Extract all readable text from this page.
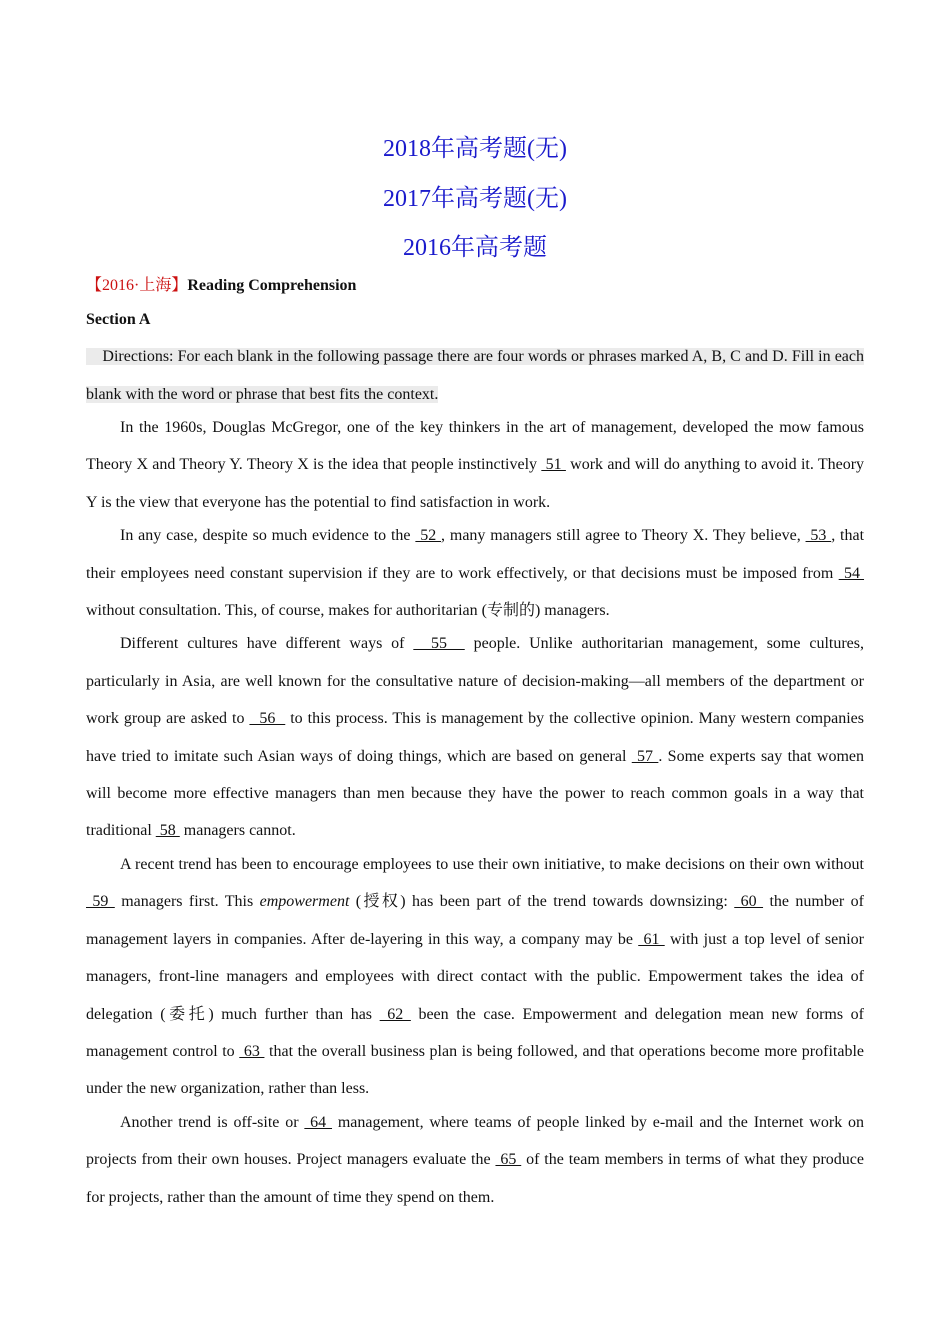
2018年高考题(无)
2017年高考题(无)
2016年高考题
【2016·上海】Reading Comprehension
Section A
Directions: For each blank in the following passage there are four words or phrases marked A, B, C and D. Fill in each blank with the word or phrase that best fits the context.

In the 1960s, Douglas McGregor, one of the key thinkers in the art of management, developed the mow famous Theory X and Theory Y. Theory X is the idea that people instinctively  51  work and will do anything to avoid it. Theory Y is the view that everyone has the potential to find satisfaction in work.

In any case, despite so much evidence to the  52 , many managers still agree to Theory X. They believe,  53 , that their employees need constant supervision if they are to work effectively, or that decisions must be imposed from  54  without consultation. This, of course, makes for authoritarian (专制的) managers.

Different cultures have different ways of   55   people. Unlike authoritarian management, some cultures, particularly in Asia, are well known for the consultative nature of decision-making—all members of the department or work group are asked to   56   to this process. This is management by the collective opinion. Many western companies have tried to imitate such Asian ways of doing things, which are based on general  57 . Some experts say that women will become more effective managers than men because they have the power to reach common goals in a way that traditional  58  managers cannot.

A recent trend has been to encourage employees to use their own initiative, to make decisions on their own without  59  managers first. This empowerment (授权) has been part of the trend towards downsizing:  60  the number of management layers in companies. After de-layering in this way, a company may be  61  with just a top level of senior managers, front-line managers and employees with direct contact with the public. Empowerment takes the idea of delegation (委托) much further than has  62  been the case. Empowerment and delegation mean new forms of management control to  63  that the overall business plan is being followed, and that operations become more profitable under the new organization, rather than less.

Another trend is off-site or  64  management, where teams of people linked by e-mail and the Internet work on projects from their own houses. Project managers evaluate the  65  of the team members in terms of what they produce for projects, rather than the amount of time they spend on them.
